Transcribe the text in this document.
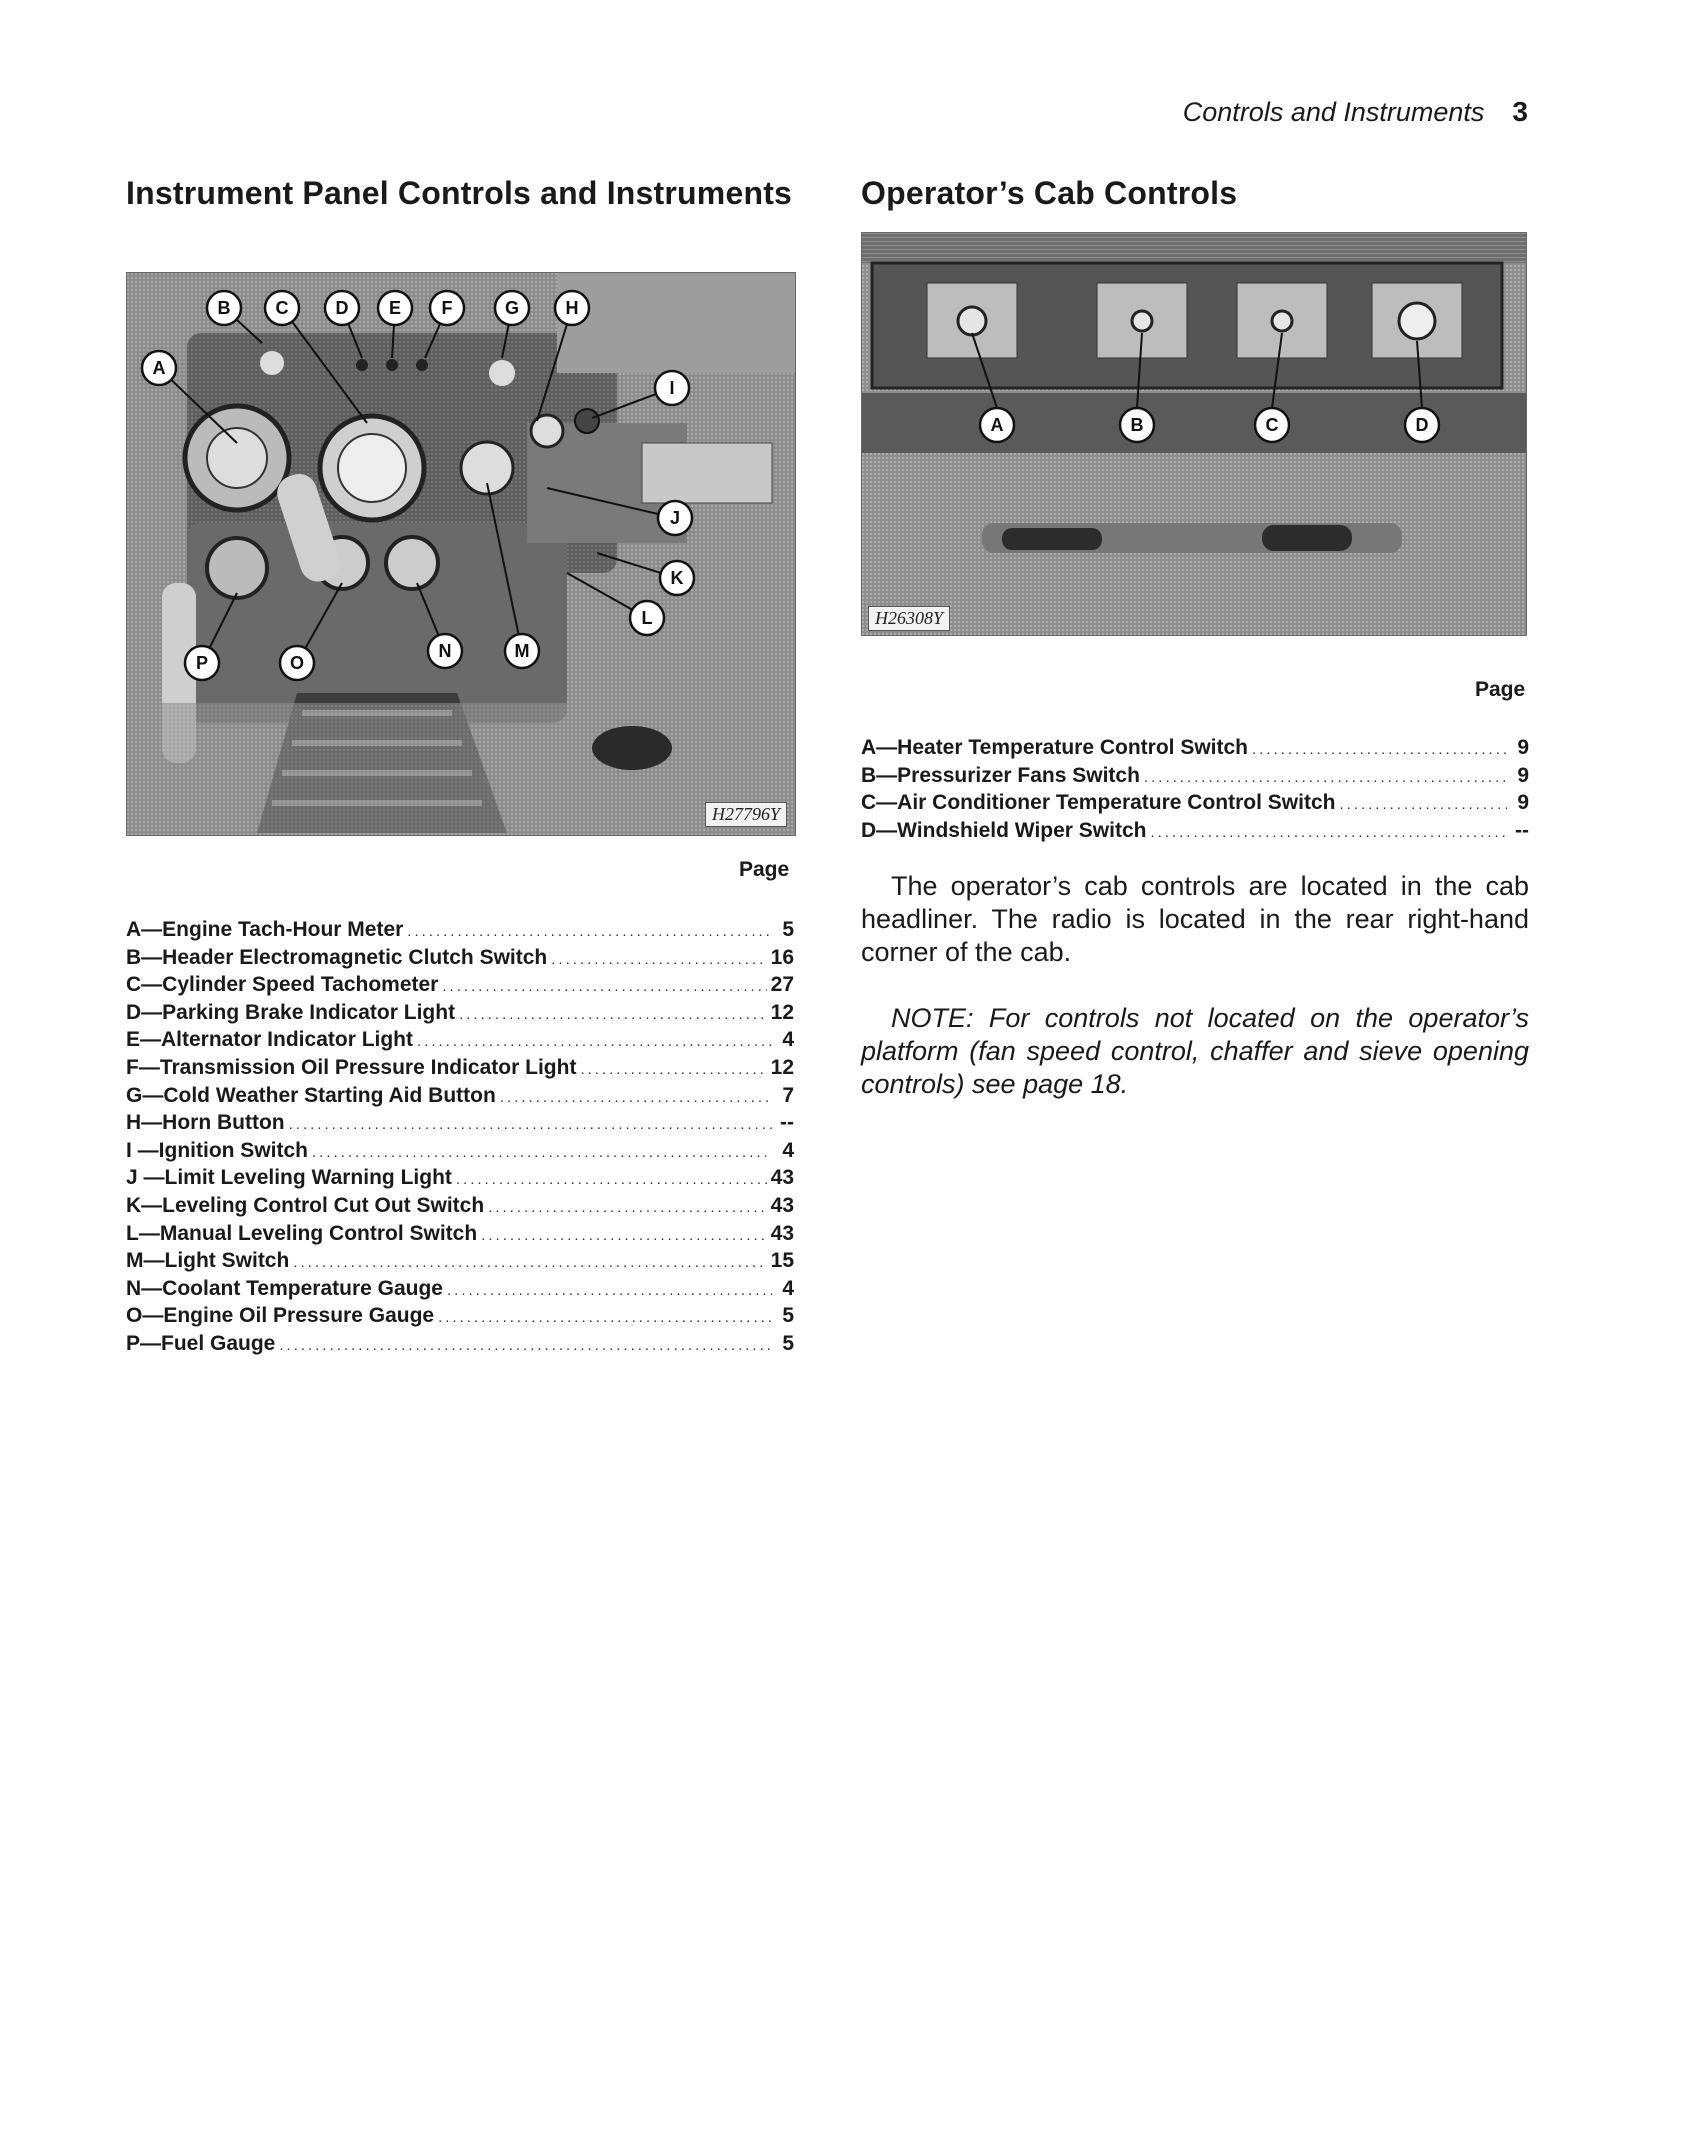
Controls and Instruments 3
Instrument Panel Controls and Instruments
A
B	C	D E F	G	H
I
J
K
L
M
N
O
P
H27796Y
Page
A—Engine Tach-Hour Meter .....	5
B—Header Electromagnetic Clutch Switch .....	16
C—Cylinder Speed Tachometer .....	27
D—Parking Brake Indicator Light .....	12
E—Alternator Indicator Light .....	4
F—Transmission Oil Pressure Indicator Light .....	12
G—Cold Weather Starting Aid Button .....	7
H—Horn Button .....	--
I —Ignition Switch .....	4
J —Limit Leveling Warning Light .....	43
K—Leveling Control Cut Out Switch .....	43
L—Manual Leveling Control Switch .....	43
M—Light Switch .....	15
N—Coolant Temperature Gauge .....	4
O—Engine Oil Pressure Gauge .....	5
P—Fuel Gauge .....	5
Operator’s Cab Controls
A	B	C	D
H26308Y
Page
A—Heater Temperature Control Switch .....	9
B—Pressurizer Fans Switch .....	9
C—Air Conditioner Temperature Control Switch .....	9
D—Windshield Wiper Switch .....	--

The operator’s cab controls are located in the cab headliner. The radio is located in the rear right-hand corner of the cab.

NOTE: For controls not located on the operator’s platform (fan speed control, chaffer and sieve opening controls) see page 18.
